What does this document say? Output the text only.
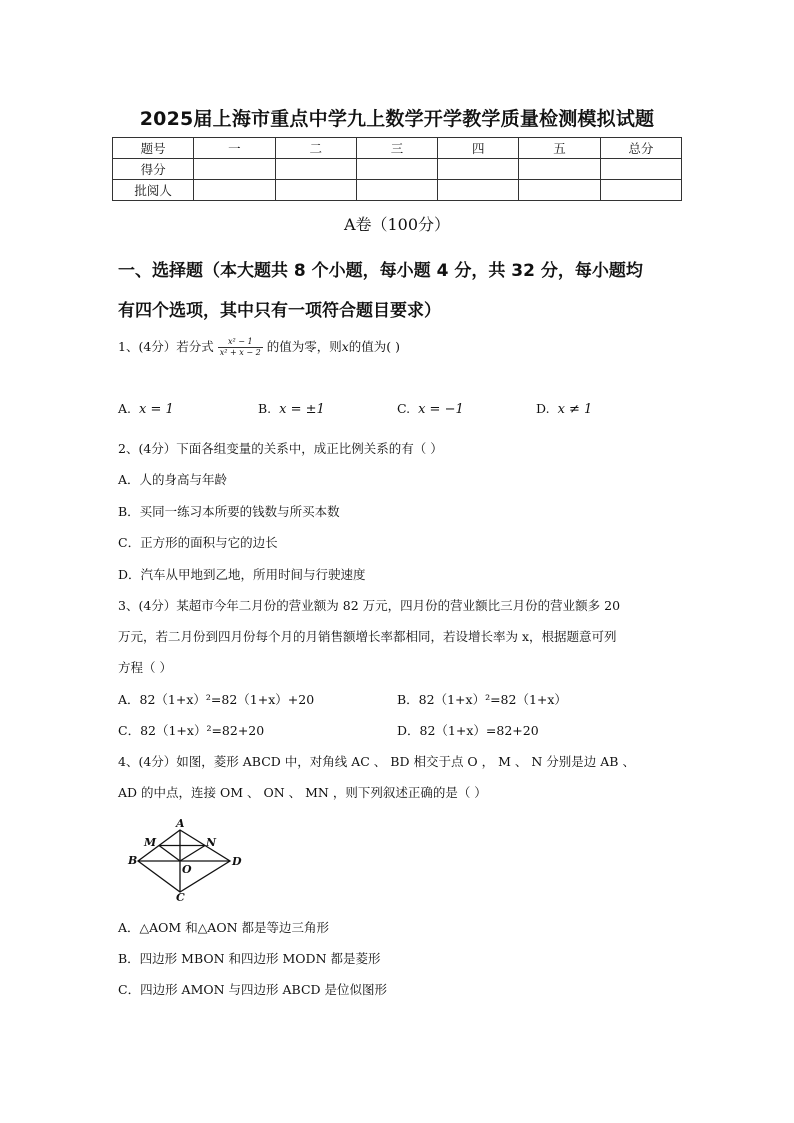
2025届上海市重点中学九上数学开学教学质量检测模拟试题
题号	一	二	三	四	五	总分
得分						
批阅人						
A卷（100分）
一、选择题（本大题共 8 个小题，每小题 4 分，共 32 分，每小题均
有四个选项，其中只有一项符合题目要求）
1、(4分）若分式 $\frac{\text{x² − 1}}{\text{x² + x − 2}}$ 的值为零，则x的值为( )
A. x = 1	B. x = ±1	C. x = −1	D. x ≠ 1
2、(4分）下面各组变量的关系中，成正比例关系的有（ ）
A．人的身高与年龄
B．买同一练习本所要的钱数与所买本数
C．正方形的面积与它的边长
D．汽车从甲地到乙地，所用时间与行驶速度
3、(4分）某超市今年二月份的营业额为 82 万元，四月份的营业额比三月份的营业额多 20
万元，若二月份到四月份每个月的月销售额增长率都相同，若设增长率为 x，根据题意可列
方程（ ）
A．82（1+x）²=82（1+x）+20	B．82（1+x）²=82（1+x）
C．82（1+x）²=82+20	D．82（1+x）=82+20
4、(4分）如图，菱形 ABCD 中，对角线 AC 、 BD 相交于点 O ， M 、 N 分别是边 AB 、
AD 的中点，连接 OM 、 ON 、 MN ，则下列叙述正确的是（ ）
A
B
C
D
M	N
O
A．△AOM 和△AON 都是等边三角形
B．四边形 MBON 和四边形 MODN 都是菱形
C．四边形 AMON 与四边形 ABCD 是位似图形
